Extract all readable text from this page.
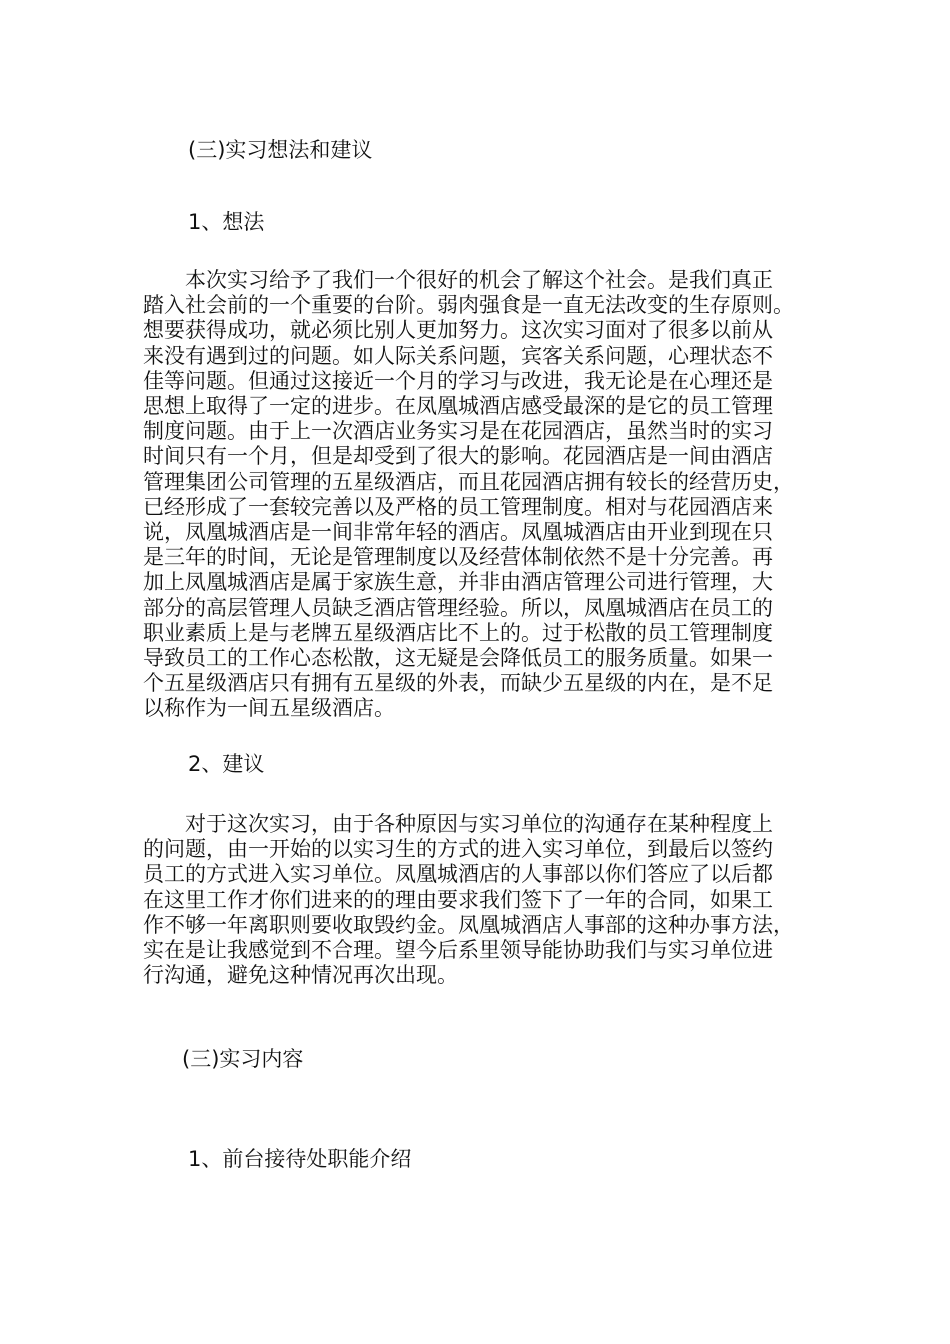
(三)实习想法和建议
1、想法
本次实习给予了我们一个很好的机会了解这个社会。是我们真正
踏入社会前的一个重要的台阶。弱肉强食是一直无法改变的生存原则。
想要获得成功，就必须比别人更加努力。这次实习面对了很多以前从
来没有遇到过的问题。如人际关系问题，宾客关系问题，心理状态不
佳等问题。但通过这接近一个月的学习与改进，我无论是在心理还是
思想上取得了一定的进步。在凤凰城酒店感受最深的是它的员工管理
制度问题。由于上一次酒店业务实习是在花园酒店，虽然当时的实习
时间只有一个月，但是却受到了很大的影响。花园酒店是一间由酒店
管理集团公司管理的五星级酒店，而且花园酒店拥有较长的经营历史，
已经形成了一套较完善以及严格的员工管理制度。相对与花园酒店来
说，凤凰城酒店是一间非常年轻的酒店。凤凰城酒店由开业到现在只
是三年的时间，无论是管理制度以及经营体制依然不是十分完善。再
加上凤凰城酒店是属于家族生意，并非由酒店管理公司进行管理，大
部分的高层管理人员缺乏酒店管理经验。所以，凤凰城酒店在员工的
职业素质上是与老牌五星级酒店比不上的。过于松散的员工管理制度
导致员工的工作心态松散，这无疑是会降低员工的服务质量。如果一
个五星级酒店只有拥有五星级的外表，而缺少五星级的内在，是不足
以称作为一间五星级酒店。
2、建议
对于这次实习，由于各种原因与实习单位的沟通存在某种程度上
的问题，由一开始的以实习生的方式的进入实习单位，到最后以签约
员工的方式进入实习单位。凤凰城酒店的人事部以你们答应了以后都
在这里工作才你们进来的的理由要求我们签下了一年的合同，如果工
作不够一年离职则要收取毁约金。凤凰城酒店人事部的这种办事方法，
实在是让我感觉到不合理。望今后系里领导能协助我们与实习单位进
行沟通，避免这种情况再次出现。
(三)实习内容
1、前台接待处职能介绍
